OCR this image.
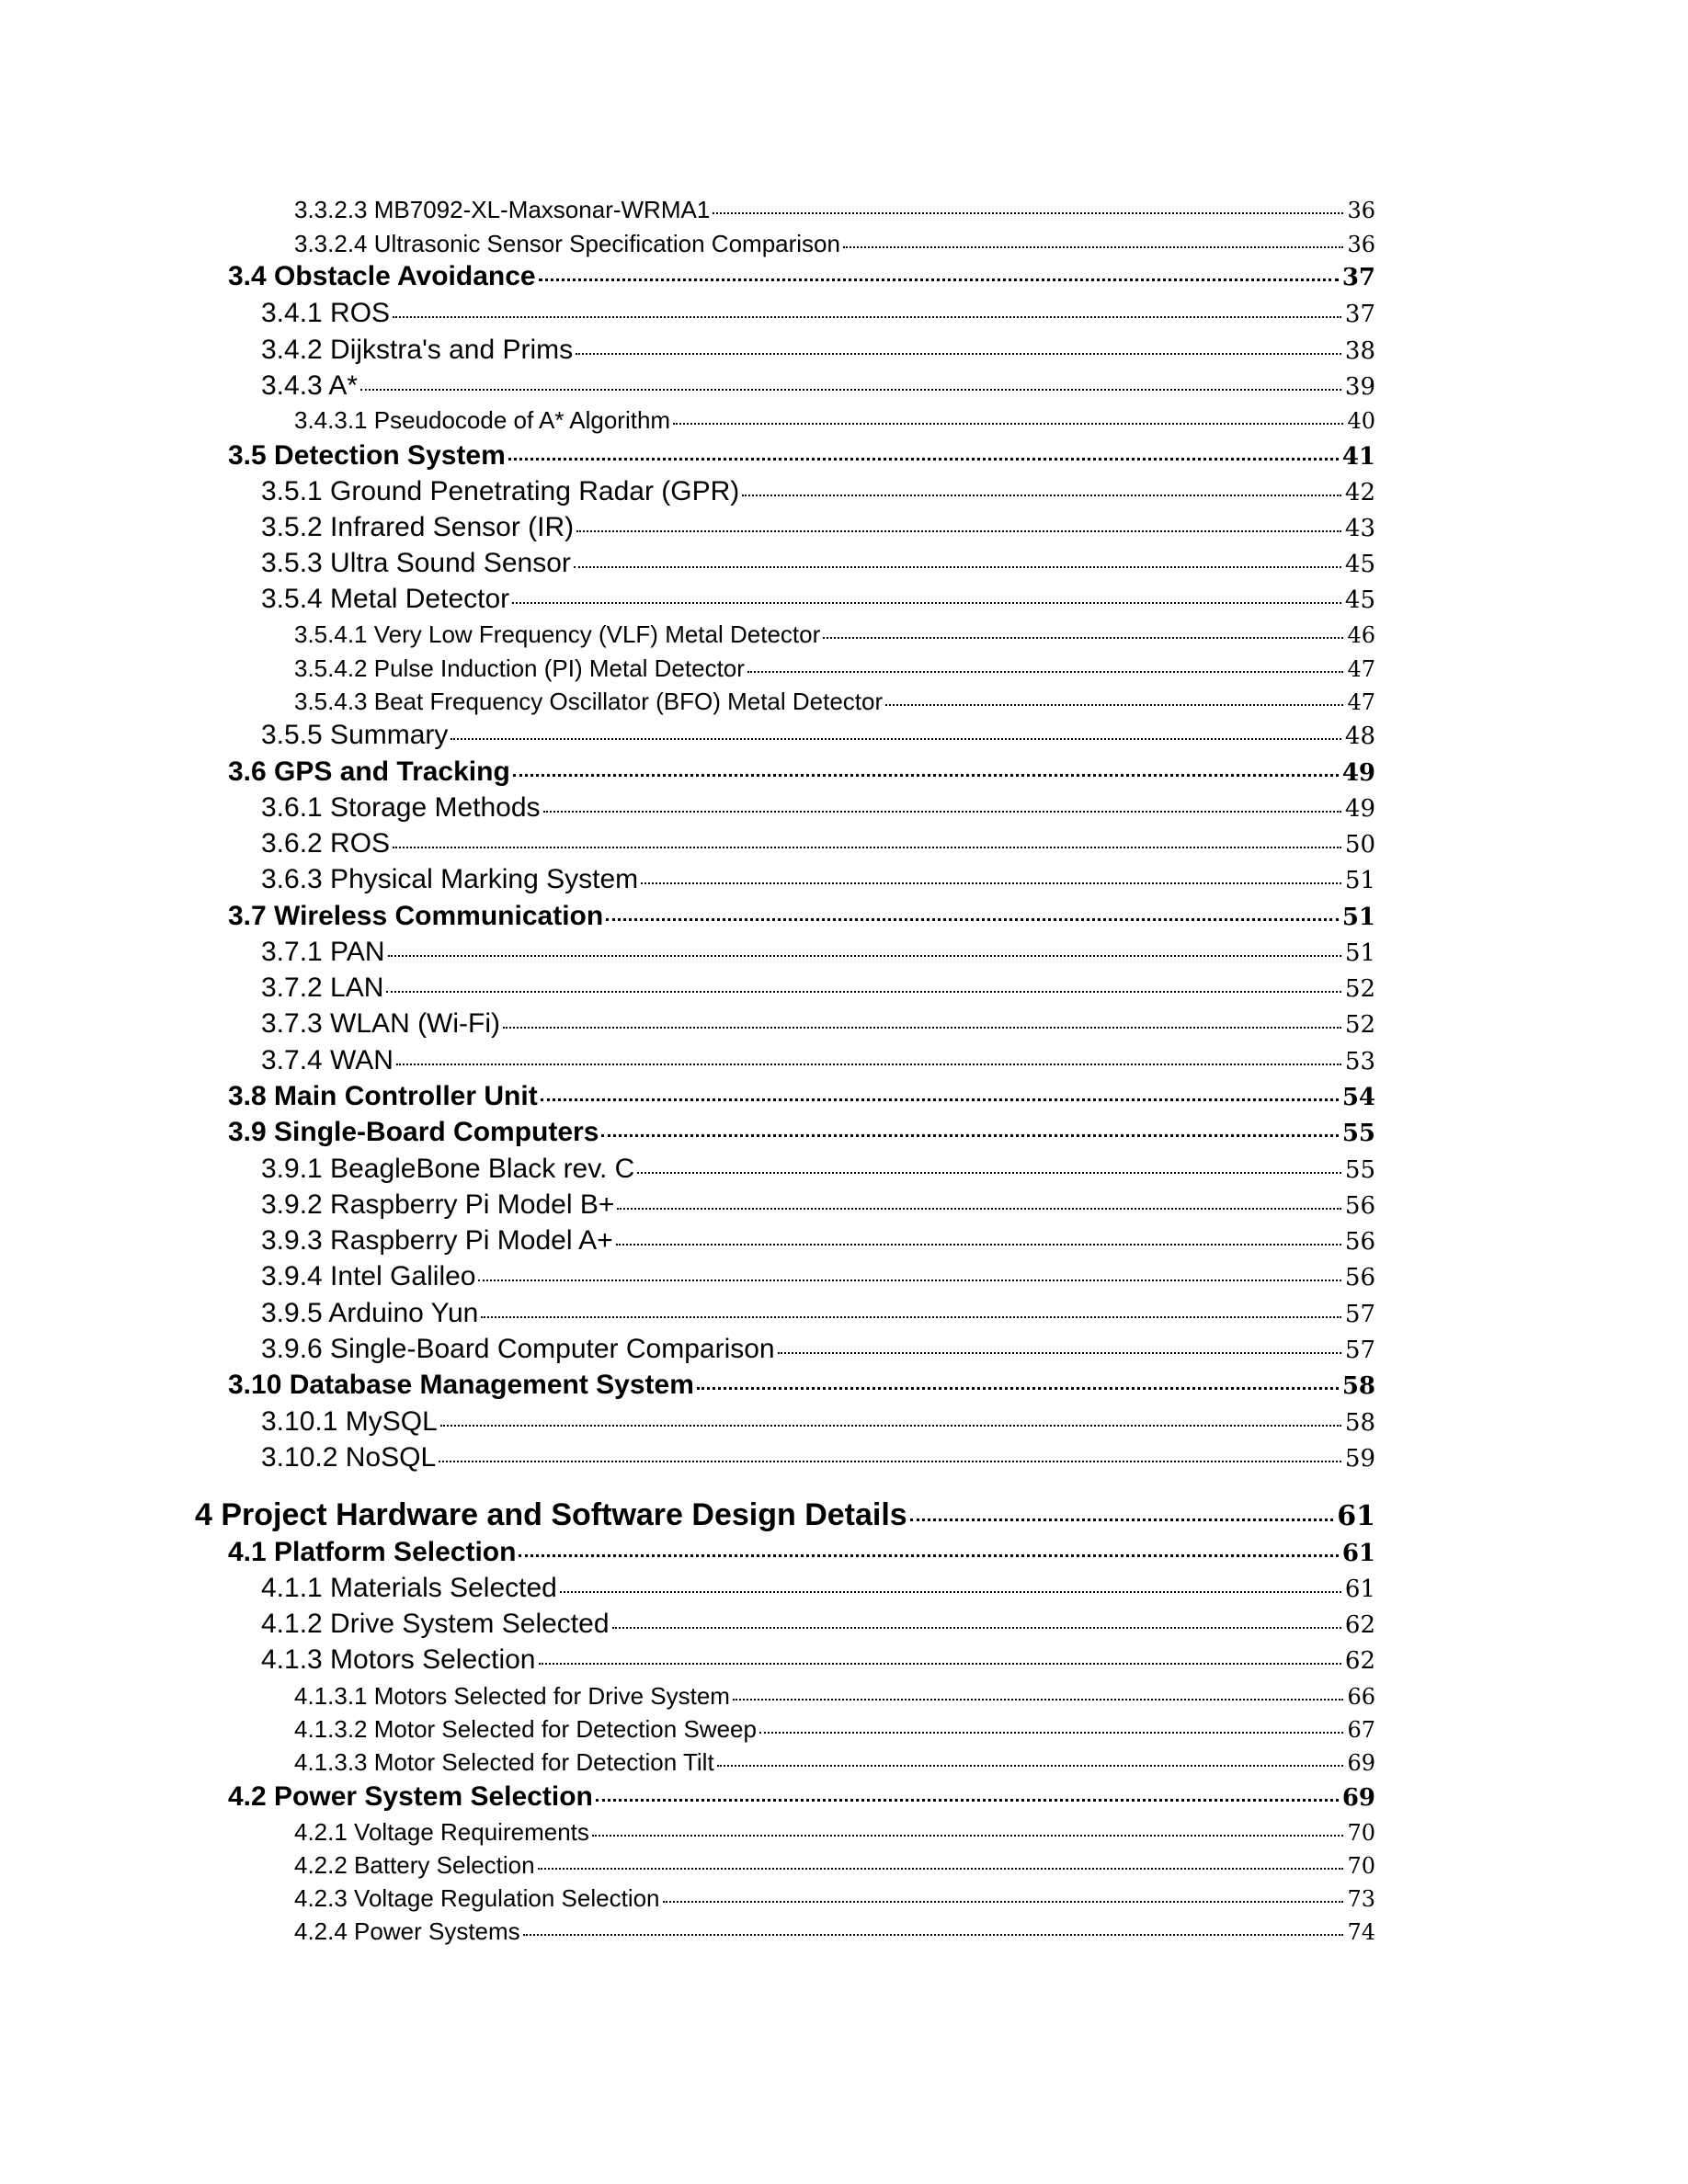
3.3.2.3 MB7092-XL-Maxsonar-WRMA1	36
3.3.2.4 Ultrasonic Sensor Specification Comparison	36
3.4 Obstacle Avoidance	37
3.4.1 ROS	37
3.4.2 Dijkstra's and Prims	38
3.4.3 A*	39
3.4.3.1 Pseudocode of A* Algorithm	40
3.5 Detection System	41
3.5.1 Ground Penetrating Radar (GPR)	42
3.5.2 Infrared Sensor (IR)	43
3.5.3 Ultra Sound Sensor	45
3.5.4 Metal Detector	45
3.5.4.1 Very Low Frequency (VLF) Metal Detector	46
3.5.4.2 Pulse Induction (PI) Metal Detector	47
3.5.4.3 Beat Frequency Oscillator (BFO) Metal Detector	47
3.5.5 Summary	48
3.6 GPS and Tracking	49
3.6.1 Storage Methods	49
3.6.2 ROS	50
3.6.3 Physical Marking System	51
3.7 Wireless Communication	51
3.7.1 PAN	51
3.7.2 LAN	52
3.7.3 WLAN (Wi-Fi)	52
3.7.4 WAN	53
3.8 Main Controller Unit	54
3.9 Single-Board Computers	55
3.9.1 BeagleBone Black rev. C	55
3.9.2 Raspberry Pi Model B+	56
3.9.3 Raspberry Pi Model A+	56
3.9.4 Intel Galileo	56
3.9.5 Arduino Yun	57
3.9.6 Single-Board Computer Comparison	57
3.10 Database Management System	58
3.10.1 MySQL	58
3.10.2 NoSQL	59
4 Project Hardware and Software Design Details	61
4.1 Platform Selection	61
4.1.1 Materials Selected	61
4.1.2 Drive System Selected	62
4.1.3 Motors Selection	62
4.1.3.1 Motors Selected for Drive System	66
4.1.3.2 Motor Selected for Detection Sweep	67
4.1.3.3 Motor Selected for Detection Tilt	69
4.2 Power System Selection	69
4.2.1 Voltage Requirements	70
4.2.2 Battery Selection	70
4.2.3 Voltage Regulation Selection	73
4.2.4 Power Systems	74
